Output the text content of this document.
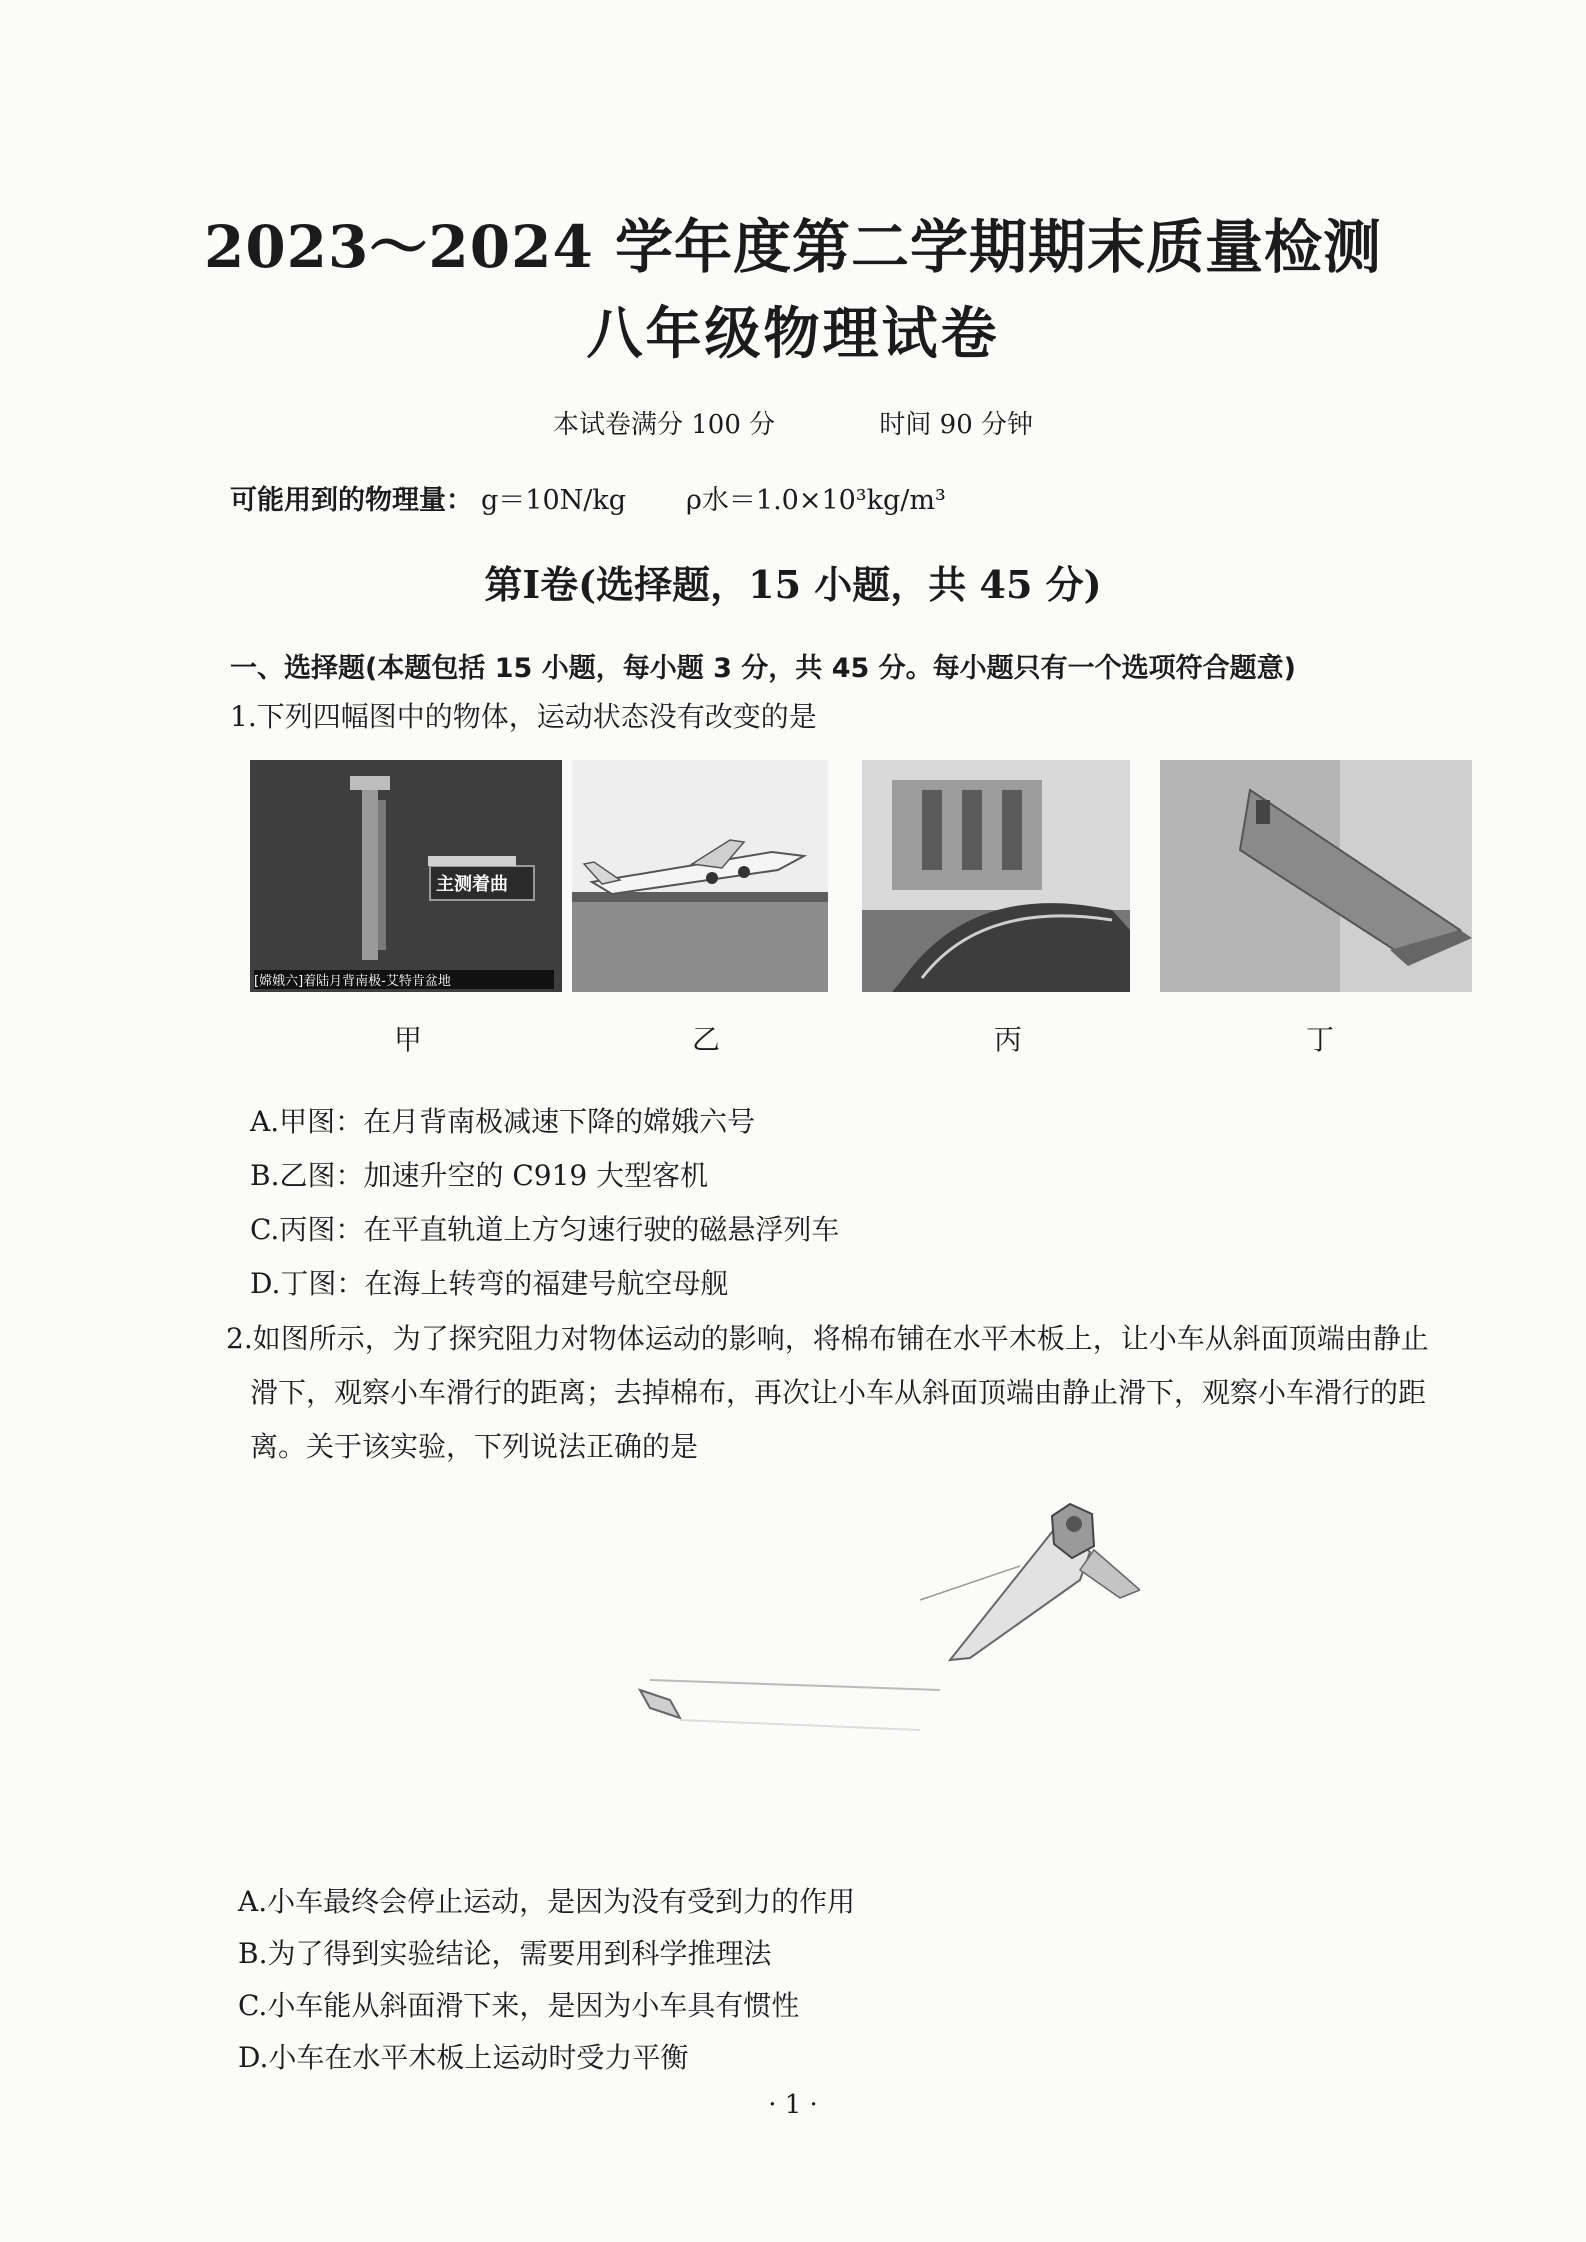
2023～2024 学年度第二学期期末质量检测
八年级物理试卷
本试卷满分 100 分	时间 90 分钟
可能用到的物理量： g＝10N/kg ρ水＝1.0×10³kg/m³
第Ⅰ卷(选择题，15 小题，共 45 分)
一、选择题(本题包括 15 小题，每小题 3 分，共 45 分。每小题只有一个选项符合题意)
1.下列四幅图中的物体，运动状态没有改变的是
主测着曲
[嫦娥六]着陆月背南极-艾特肯盆地
甲	乙	丙	丁
A.甲图：在月背南极减速下降的嫦娥六号
B.乙图：加速升空的 C919 大型客机
C.丙图：在平直轨道上方匀速行驶的磁悬浮列车
D.丁图：在海上转弯的福建号航空母舰
2.如图所示，为了探究阻力对物体运动的影响，将棉布铺在水平木板上，让小车从斜面顶端由静止
滑下，观察小车滑行的距离；去掉棉布，再次让小车从斜面顶端由静止滑下，观察小车滑行的距
离。关于该实验，下列说法正确的是
A.小车最终会停止运动，是因为没有受到力的作用
B.为了得到实验结论，需要用到科学推理法
C.小车能从斜面滑下来，是因为小车具有惯性
D.小车在水平木板上运动时受力平衡
· 1 ·
